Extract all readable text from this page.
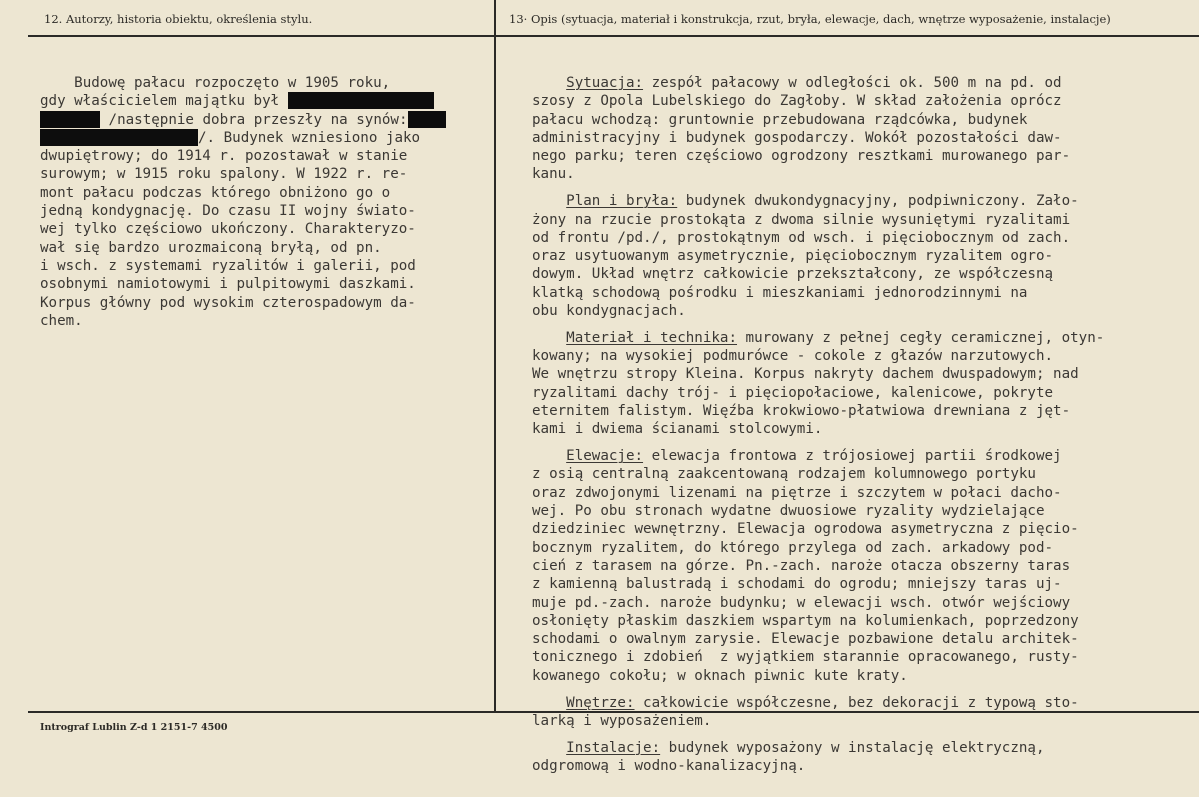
12. Autorzy, historia obiektu, określenia stylu.	13· Opis (sytuacja, materiał i konstrukcja, rzut, bryła, elewacje, dach, wnętrze wyposażenie, instalacje)
Budowę pałacu rozpoczęto w 1905 roku,
gdy właścicielem majątku był
/następnie dobra przeszły na synów:
/. Budynek wzniesiono jako
dwupiętrowy; do 1914 r. pozostawał w stanie
surowym; w 1915 roku spalony. W 1922 r. re-
mont pałacu podczas którego obniżono go o
jedną kondygnację. Do czasu II wojny świato-
wej tylko częściowo ukończony. Charakteryzo-
wał się bardzo urozmaiconą bryłą, od pn.
i wsch. z systemami ryzalitów i galerii, pod
osobnymi namiotowymi i pulpitowymi daszkami.
Korpus główny pod wysokim czterospadowym da-
chem.
Sytuacja: zespół pałacowy w odległości ok. 500 m na pd. od
szosy z Opola Lubelskiego do Zagłoby. W skład założenia oprócz
pałacu wchodzą: gruntownie przebudowana rządcówka, budynek
administracyjny i budynek gospodarczy. Wokół pozostałości daw-
nego parku; teren częściowo ogrodzony resztkami murowanego par-
kanu.
Plan i bryła: budynek dwukondygnacyjny, podpiwniczony. Zało-
żony na rzucie prostokąta z dwoma silnie wysuniętymi ryzalitami
od frontu /pd./, prostokątnym od wsch. i pięciobocznym od zach.
oraz usytuowanym asymetrycznie, pięciobocznym ryzalitem ogro-
dowym. Układ wnętrz całkowicie przekształcony, ze współczesną
klatką schodową pośrodku i mieszkaniami jednorodzinnymi na
obu kondygnacjach.
Materiał i technika: murowany z pełnej cegły ceramicznej, otyn-
kowany; na wysokiej podmurówce - cokole z głazów narzutowych.
We wnętrzu stropy Kleina. Korpus nakryty dachem dwuspadowym; nad
ryzalitami dachy trój- i pięciopołaciowe, kalenicowe, pokryte
eternitem falistym. Więźba krokwiowo-płatwiowa drewniana z jęt-
kami i dwiema ścianami stolcowymi.
Elewacje: elewacja frontowa z trójosiowej partii środkowej
z osią centralną zaakcentowaną rodzajem kolumnowego portyku
oraz zdwojonymi lizenami na piętrze i szczytem w połaci dacho-
wej. Po obu stronach wydatne dwuosiowe ryzality wydzielające
dziedziniec wewnętrzny. Elewacja ogrodowa asymetryczna z pięcio-
bocznym ryzalitem, do którego przylega od zach. arkadowy pod-
cień z tarasem na górze. Pn.-zach. naroże otacza obszerny taras
z kamienną balustradą i schodami do ogrodu; mniejszy taras uj-
muje pd.-zach. naroże budynku; w elewacji wsch. otwór wejściowy
osłonięty płaskim daszkiem wspartym na kolumienkach, poprzedzony
schodami o owalnym zarysie. Elewacje pozbawione detalu architek-
tonicznego i zdobień  z wyjątkiem starannie opracowanego, rusty-
kowanego cokołu; w oknach piwnic kute kraty.
Wnętrze: całkowicie współczesne, bez dekoracji z typową sto-
larką i wyposażeniem.
Instalacje: budynek wyposażony w instalację elektryczną,
odgromową i wodno-kanalizacyjną.
Intrograf Lublin Z-d 1 2151-7 4500
